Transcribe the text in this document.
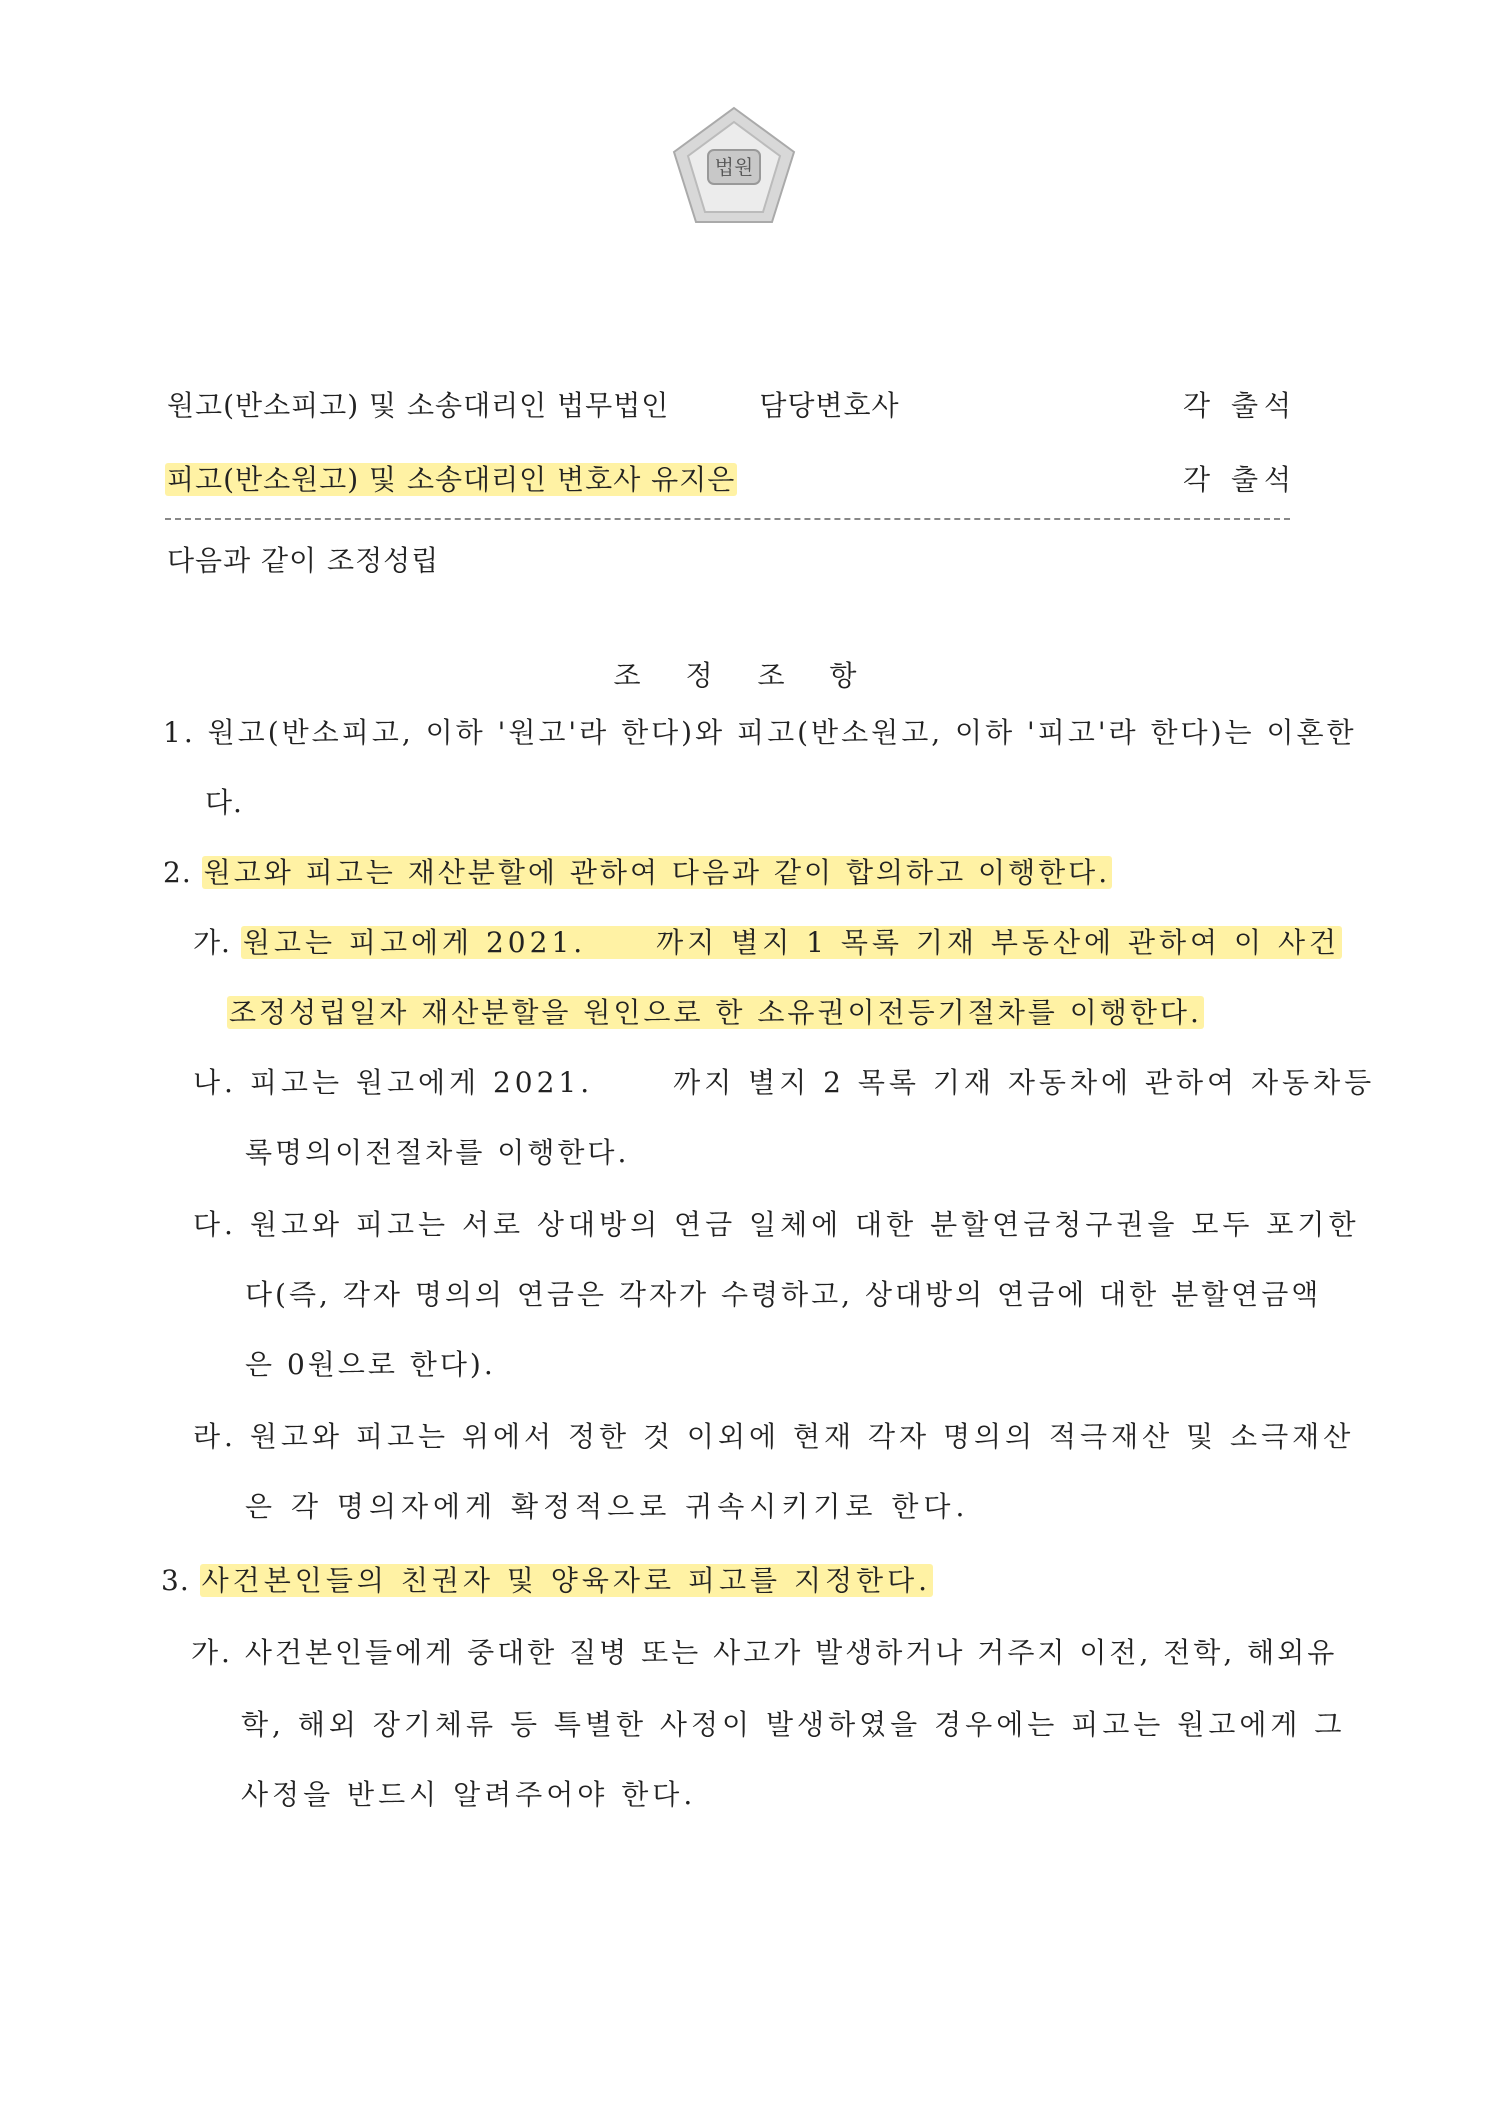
법원
원고(반소피고) 및 소송대리인 법무법인	담당변호사	각 출석
피고(반소원고) 및 소송대리인 변호사 유지은	각 출석
다음과 같이 조정성립
조 정 조 항
1. 원고(반소피고, 이하 '원고'라 한다)와 피고(반소원고, 이하 '피고'라 한다)는 이혼한
다.
2. 원고와 피고는 재산분할에 관하여 다음과 같이 합의하고 이행한다.
가. 원고는 피고에게 2021.	까지 별지 1 목록 기재 부동산에 관하여 이 사건
조정성립일자 재산분할을 원인으로 한 소유권이전등기절차를 이행한다.
나. 피고는 원고에게 2021.	까지 별지 2 목록 기재 자동차에 관하여 자동차등
록명의이전절차를 이행한다.
다. 원고와 피고는 서로 상대방의 연금 일체에 대한 분할연금청구권을 모두 포기한
다(즉, 각자 명의의 연금은 각자가 수령하고, 상대방의 연금에 대한 분할연금액
은 0원으로 한다).
라. 원고와 피고는 위에서 정한 것 이외에 현재 각자 명의의 적극재산 및 소극재산
은 각 명의자에게 확정적으로 귀속시키기로 한다.
3. 사건본인들의 친권자 및 양육자로 피고를 지정한다.
가. 사건본인들에게 중대한 질병 또는 사고가 발생하거나 거주지 이전, 전학, 해외유
학, 해외 장기체류 등 특별한 사정이 발생하였을 경우에는 피고는 원고에게 그
사정을 반드시 알려주어야 한다.
